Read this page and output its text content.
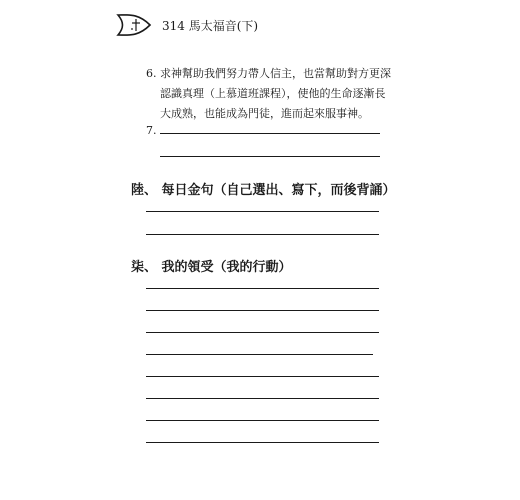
314 馬太福音(下)
6. 求神幫助我們努力帶人信主，也當幫助對方更深認識真理（上慕道班課程），使他的生命逐漸長大成熟，也能成為門徒，進而起來服事神。
7.
陸、 每日金句（自己選出、寫下，而後背誦）
柒、 我的領受（我的行動）
